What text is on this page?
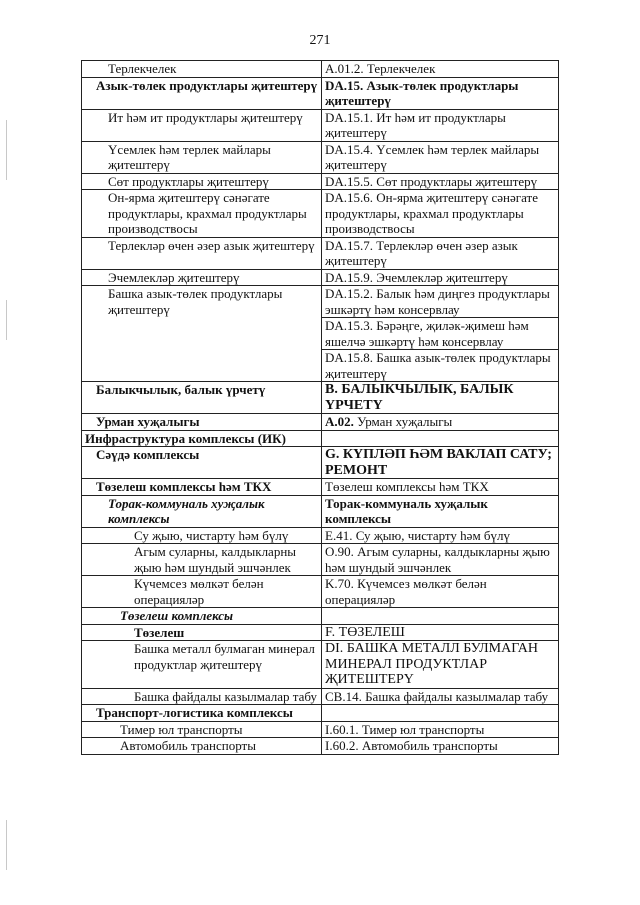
271
Терлекчелек	A.01.2. Терлекчелек
Азык-төлек продуктлары җитештерү	DA.15. Азык-төлек продуктлары җитештерү
Ит һәм ит продуктлары җитештерү	DA.15.1. Ит һәм ит продуктлары җитештерү
Үсемлек һәм терлек майлары җитештерү	DA.15.4. Үсемлек һәм терлек майлары җитештерү
Сөт продуктлары җитештерү	DA.15.5. Сөт продуктлары җитештерү
Он-ярма җитештерү сәнәгате продуктлары, крахмал продуктлары производствосы	DA.15.6. Он-ярма җитештерү сәнәгате продуктлары, крахмал продуктлары производствосы
Терлекләр өчен әзер азык җитештерү	DA.15.7. Терлекләр өчен әзер азык җитештерү
Эчемлекләр җитештерү	DA.15.9. Эчемлекләр җитештерү
Башка азык-төлек продуктлары җитештерү	DA.15.2. Балык һәм диңгез продуктлары эшкәртү һәм консервлау
	DA.15.3. Бәрәңге, җиләк-җимеш һәм яшелчә эшкәртү һәм консервлау
	DA.15.8. Башка азык-төлек продуктлары җитештерү
Балыкчылык, балык үрчетү	B. БАЛЫКЧЫЛЫК, БАЛЫК ҮРЧЕТҮ
Урман хуҗалыгы	A.02. Урман хуҗалыгы
Инфраструктура комплексы (ИК)	
Сәүдә комплексы	G. КҮПЛӘП ҺӘМ ВАКЛАП САТУ; РЕМОНТ
Төзелеш комплексы һәм ТКХ	Төзелеш комплексы һәм ТКХ
Торак-коммуналь хуҗалык комплексы	Торак-коммуналь хуҗалык комплексы
Су җыю, чистарту һәм бүлү	E.41. Су җыю, чистарту һәм бүлү
Агым суларны, калдыкларны җыю һәм шундый эшчәнлек	O.90. Агым суларны, калдыкларны җыю һәм шундый эшчәнлек
Күчемсез мөлкәт белән операцияләр	K.70. Күчемсез мөлкәт белән операцияләр
Төзелеш комплексы	
Төзелеш	F. ТӨЗЕЛЕШ
Башка металл булмаган минерал продуктлар җитештерү	DI. БАШКА МЕТАЛЛ БУЛМАГАН МИНЕРАЛ ПРОДУКТЛАР ҖИТЕШТЕРҮ
Башка файдалы казылмалар табу	CB.14. Башка файдалы казылмалар табу
Транспорт-логистика комплексы	
Тимер юл транспорты	I.60.1. Тимер юл транспорты
Автомобиль транспорты	I.60.2. Автомобиль транспорты
